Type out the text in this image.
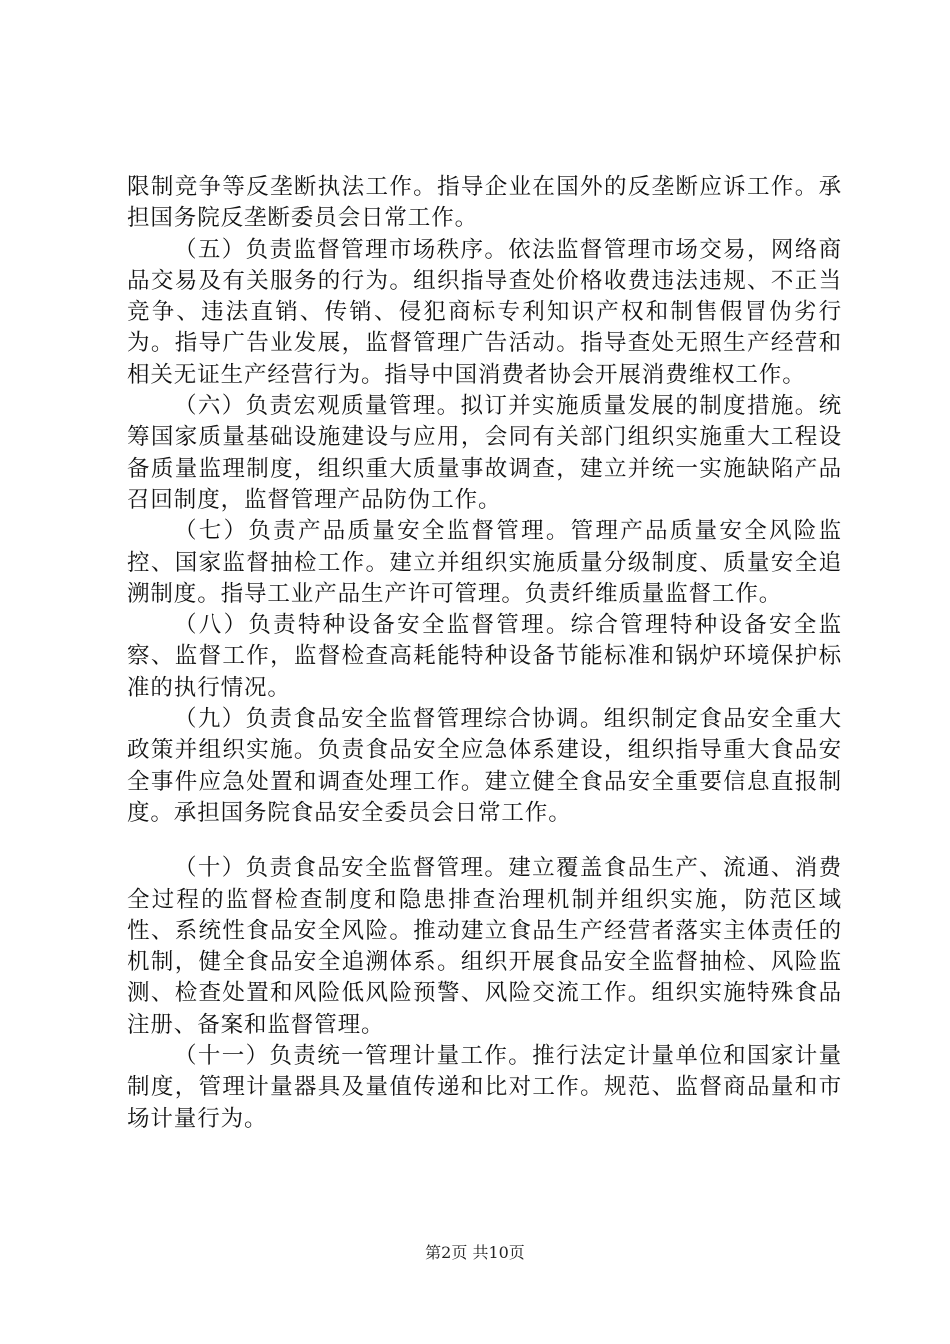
限制竞争等反垄断执法工作。指导企业在国外的反垄断应诉工作。承担国务院反垄断委员会日常工作。

（五）负责监督管理市场秩序。依法监督管理市场交易，网络商品交易及有关服务的行为。组织指导查处价格收费违法违规、不正当竞争、违法直销、传销、侵犯商标专利知识产权和制售假冒伪劣行为。指导广告业发展，监督管理广告活动。指导查处无照生产经营和相关无证生产经营行为。指导中国消费者协会开展消费维权工作。

（六）负责宏观质量管理。拟订并实施质量发展的制度措施。统筹国家质量基础设施建设与应用，会同有关部门组织实施重大工程设备质量监理制度，组织重大质量事故调查，建立并统一实施缺陷产品召回制度，监督管理产品防伪工作。

（七）负责产品质量安全监督管理。管理产品质量安全风险监控、国家监督抽检工作。建立并组织实施质量分级制度、质量安全追溯制度。指导工业产品生产许可管理。负责纤维质量监督工作。

（八）负责特种设备安全监督管理。综合管理特种设备安全监察、监督工作，监督检查高耗能特种设备节能标准和锅炉环境保护标准的执行情况。

（九）负责食品安全监督管理综合协调。组织制定食品安全重大政策并组织实施。负责食品安全应急体系建设，组织指导重大食品安全事件应急处置和调查处理工作。建立健全食品安全重要信息直报制度。承担国务院食品安全委员会日常工作。

（十）负责食品安全监督管理。建立覆盖食品生产、流通、消费全过程的监督检查制度和隐患排查治理机制并组织实施，防范区域性、系统性食品安全风险。推动建立食品生产经营者落实主体责任的机制，健全食品安全追溯体系。组织开展食品安全监督抽检、风险监测、检查处置和风险低风险预警、风险交流工作。组织实施特殊食品注册、备案和监督管理。

（十一）负责统一管理计量工作。推行法定计量单位和国家计量制度，管理计量器具及量值传递和比对工作。规范、监督商品量和市场计量行为。

第2页 共10页
